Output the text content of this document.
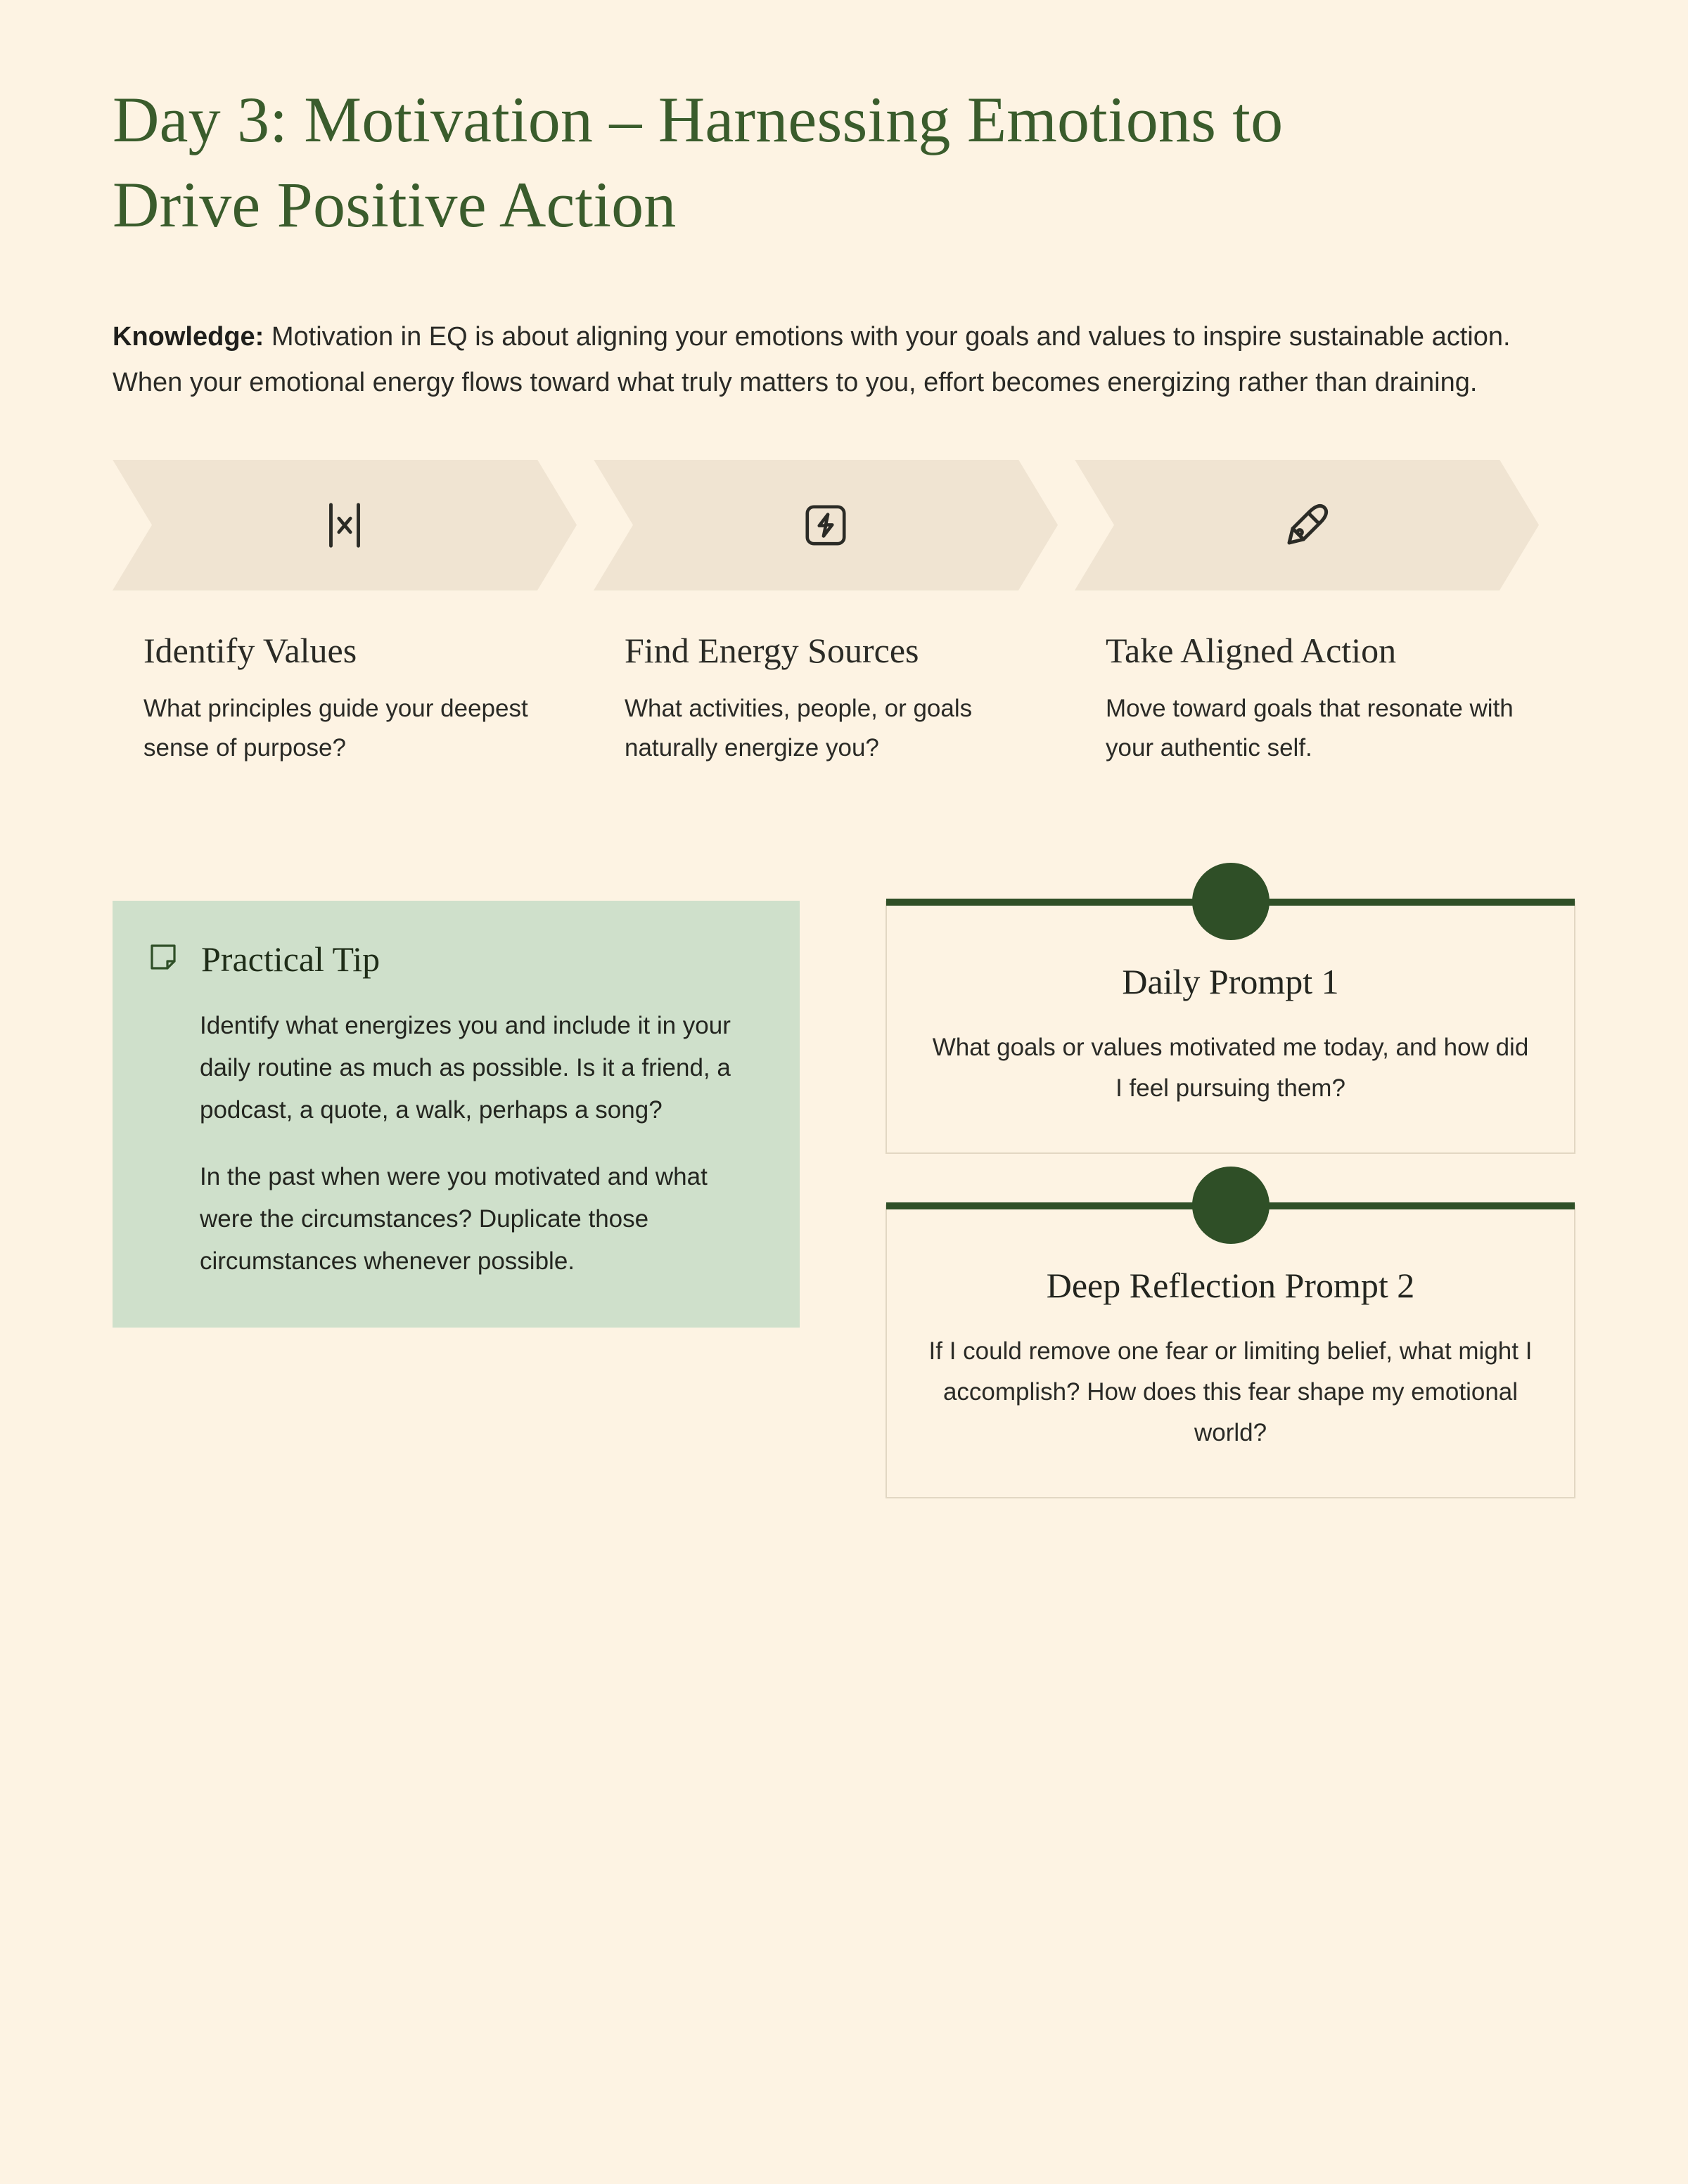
Day 3: Motivation – Harnessing Emotions to Drive Positive Action

Knowledge: Motivation in EQ is about aligning your emotions with your goals and values to inspire sustainable action. When your emotional energy flows toward what truly matters to you, effort becomes energizing rather than draining.

Identify Values
What principles guide your deepest sense of purpose?
Find Energy Sources
What activities, people, or goals naturally energize you?
Take Aligned Action
Move toward goals that resonate with your authentic self.
Practical Tip

Identify what energizes you and include it in your daily routine as much as possible. Is it a friend, a podcast, a quote, a walk, perhaps a song?

In the past when were you motivated and what were the circumstances? Duplicate those circumstances whenever possible.

Daily Prompt 1

What goals or values motivated me today, and how did I feel pursuing them?

Deep Reflection Prompt 2

If I could remove one fear or limiting belief, what might I accomplish? How does this fear shape my emotional world?
